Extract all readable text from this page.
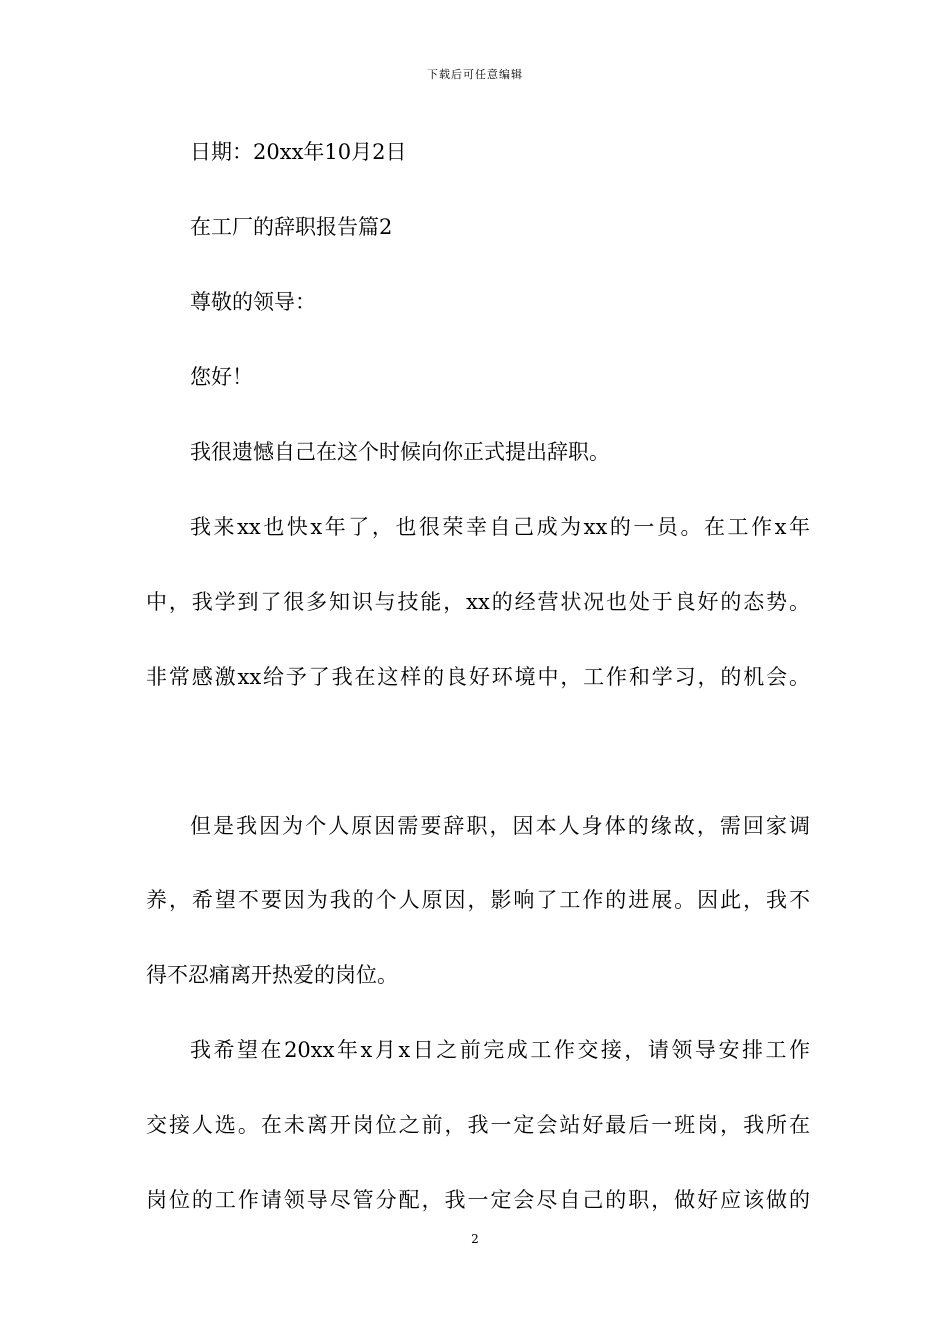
下载后可任意编辑
日期：20xx年10月2日
在工厂的辞职报告篇2
尊敬的领导：
您好！
我很遗憾自己在这个时候向你正式提出辞职。
我来xx也快x年了，也很荣幸自己成为xx的一员。在工作x年
中，我学到了很多知识与技能，xx的经营状况也处于良好的态势。
非常感激xx给予了我在这样的良好环境中，工作和学习，的机会。
但是我因为个人原因需要辞职，因本人身体的缘故，需回家调
养，希望不要因为我的个人原因，影响了工作的进展。因此，我不
得不忍痛离开热爱的岗位。
我希望在20xx年x月x日之前完成工作交接，请领导安排工作
交接人选。在未离开岗位之前，我一定会站好最后一班岗，我所在
岗位的工作请领导尽管分配，我一定会尽自己的职，做好应该做的
2
